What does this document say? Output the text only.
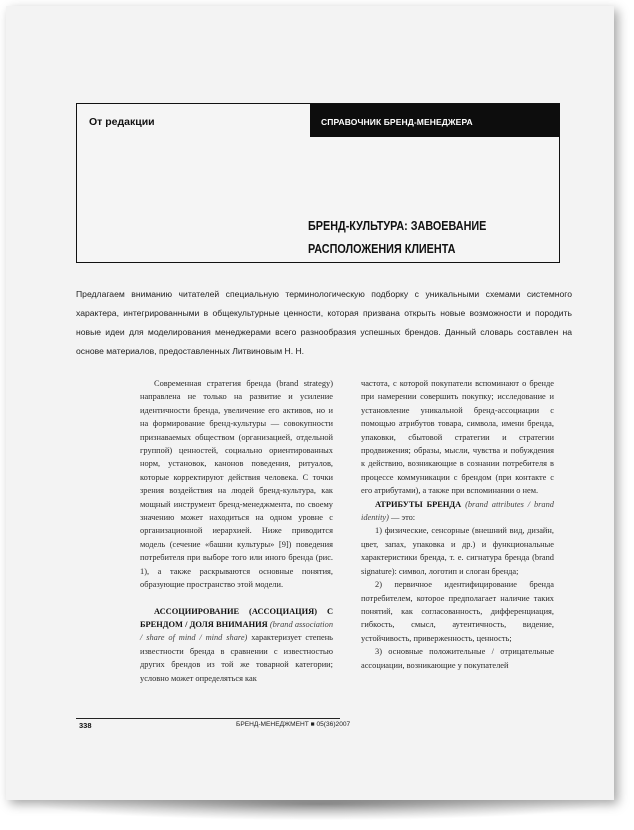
От редакции	СПРАВОЧНИК БРЕНД-МЕНЕДЖЕРА
БРЕНД-КУЛЬТУРА: ЗАВОЕВАНИЕ
РАСПОЛОЖЕНИЯ КЛИЕНТА
Предлагаем вниманию читателей специальную терминологическую подборку с уникальными схемами системного характера, интегрированными в общекультурные ценности, которая призвана открыть новые возможности и породить новые идеи для моделирования менеджерами всего разнообразия успешных брендов. Данный словарь составлен на основе материалов, предоставленных Литвиновым Н. Н.

Современная стратегия бренда (brand strategy) направлена не только на развитие и усиление идентичности бренда, увеличение его активов, но и на формирование бренд-культуры — совокупности признаваемых обществом (организацией, отдельной группой) ценностей, социально ориентированных норм, установок, канонов поведения, ритуалов, которые корректируют действия человека. С точки зрения воздействия на людей бренд-культура, как мощный инструмент бренд-менеджмента, по своему значению может находиться на одном уровне с организационной иерархией. Ниже приводится модель (сечение «башни культуры» [9]) поведения потребителя при выборе того или иного бренда (рис. 1), а также раскрываются основные понятия, образующие пространство этой модели.

АССОЦИИРОВАНИЕ (АССОЦИАЦИЯ) С БРЕНДОМ / ДОЛЯ ВНИМАНИЯ (brand association / share of mind / mind share) характеризует степень известности бренда в сравнении с известностью других брендов из той же товарной категории; условно может определяться как

частота, с которой покупатели вспоминают о бренде при намерении совершить покупку; исследование и установление уникальной бренд-ассоциации с помощью атрибутов товара, символа, имени бренда, упаковки, сбытовой стратегии и стратегии продвижения; образы, мысли, чувства и побуждения к действию, возникающие в сознании потребителя в процессе коммуникации с брендом (при контакте с его атрибутами), а также при вспоминании о нем.

АТРИБУТЫ БРЕНДА (brand attributes / brand identity) — это:

1) физические, сенсорные (внешний вид, дизайн, цвет, запах, упаковка и др.) и функциональные характеристики бренда, т. е. сигнатура бренда (brand signature): символ, логотип и слоган бренда;

2) первичное идентифицирование бренда потребителем, которое предполагает наличие таких понятий, как согласованность, дифференциация, гибкость, смысл, аутентичность, видение, устойчивость, приверженность, ценность;

3) основные положительные / отрицательные ассоциации, возникающие у покупателей

338	БРЕНД-МЕНЕДЖМЕНТ ■ 05(36)2007
